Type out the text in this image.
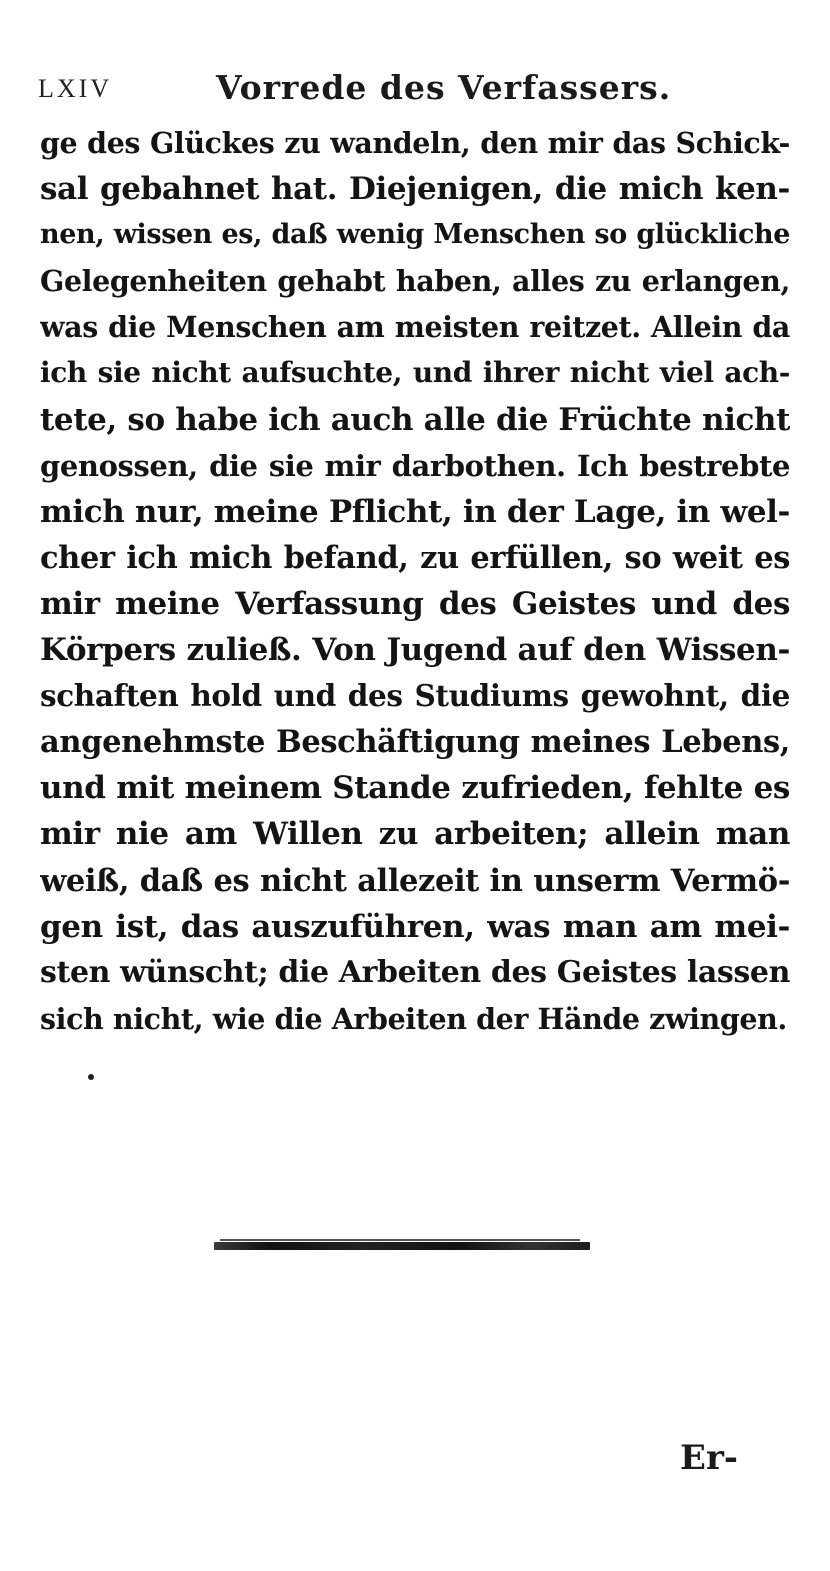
LXIV	Vorrede des Verfassers.
ge des Glückes zu wandeln, den mir das Schick-
sal gebahnet hat. Diejenigen, die mich ken-
nen, wissen es, daß wenig Menschen so glückliche
Gelegenheiten gehabt haben, alles zu erlangen,
was die Menschen am meisten reitzet. Allein da
ich sie nicht aufsuchte, und ihrer nicht viel ach-
tete, so habe ich auch alle die Früchte nicht
genossen, die sie mir darbothen. Ich bestrebte
mich nur, meine Pflicht, in der Lage, in wel-
cher ich mich befand, zu erfüllen, so weit es
mir meine Verfassung des Geistes und des
Körpers zuließ. Von Jugend auf den Wissen-
schaften hold und des Studiums gewohnt, die
angenehmste Beschäftigung meines Lebens,
und mit meinem Stande zufrieden, fehlte es
mir nie am Willen zu arbeiten; allein man
weiß, daß es nicht allezeit in unserm Vermö-
gen ist, das auszuführen, was man am mei-
sten wünscht; die Arbeiten des Geistes lassen
sich nicht, wie die Arbeiten der Hände zwingen.
Er-
